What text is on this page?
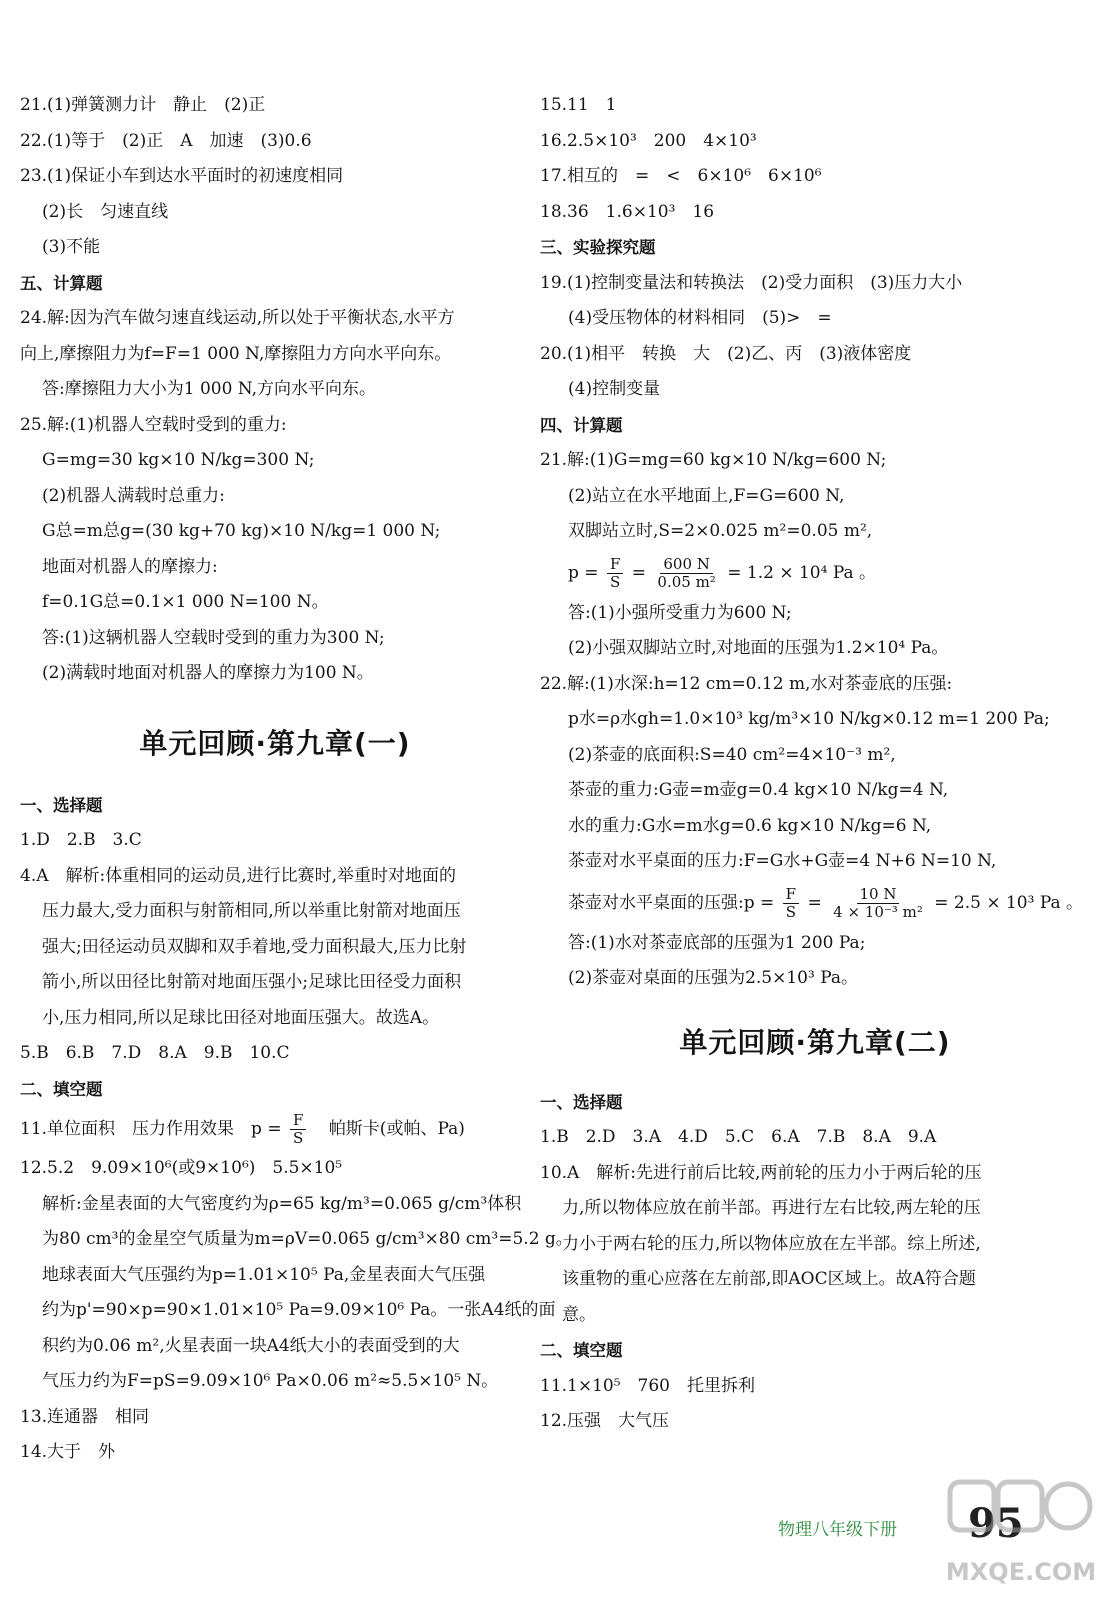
21.(1)弹簧测力计　静止　(2)正
22.(1)等于　(2)正　A　加速　(3)0.6
23.(1)保证小车到达水平面时的初速度相同
(2)长　匀速直线
(3)不能
五、计算题
24.解:因为汽车做匀速直线运动,所以处于平衡状态,水平方
向上,摩擦阻力为f=F=1 000 N,摩擦阻力方向水平向东。
答:摩擦阻力大小为1 000 N,方向水平向东。
25.解:(1)机器人空载时受到的重力:
G=mg=30 kg×10 N/kg=300 N;
(2)机器人满载时总重力:
G总=m总g=(30 kg+70 kg)×10 N/kg=1 000 N;
地面对机器人的摩擦力:
f=0.1G总=0.1×1 000 N=100 N。
答:(1)这辆机器人空载时受到的重力为300 N;
(2)满载时地面对机器人的摩擦力为100 N。
单元回顾·第九章(一)
一、选择题
1.D　2.B　3.C
4.A　解析:体重相同的运动员,进行比赛时,举重时对地面的
压力最大,受力面积与射箭相同,所以举重比射箭对地面压
强大;田径运动员双脚和双手着地,受力面积最大,压力比射
箭小,所以田径比射箭对地面压强小;足球比田径受力面积
小,压力相同,所以足球比田径对地面压强大。故选A。
5.B　6.B　7.D　8.A　9.B　10.C
二、填空题
11.单位面积　压力作用效果　$p = \frac{F}{S}$ 帕斯卡(或帕、Pa)
12.5.2　9.09×10⁶(或9×10⁶)　5.5×10⁵
解析:金星表面的大气密度约为ρ=65 kg/m³=0.065 g/cm³体积
为80 cm³的金星空气质量为m=ρV=0.065 g/cm³×80 cm³=5.2 g。
地球表面大气压强约为p=1.01×10⁵ Pa,金星表面大气压强
约为p'=90×p=90×1.01×10⁵ Pa=9.09×10⁶ Pa。一张A4纸的面
积约为0.06 m²,火星表面一块A4纸大小的表面受到的大
气压力约为F=pS=9.09×10⁶ Pa×0.06 m²≈5.5×10⁵ N。
13.连通器　相同
14.大于　外
15.11　1
16.2.5×10³　200　4×10³
17.相互的　=　<　6×10⁶　6×10⁶
18.36　1.6×10³　16
三、实验探究题
19.(1)控制变量法和转换法　(2)受力面积　(3)压力大小
(4)受压物体的材料相同　(5)>　=
20.(1)相平　转换　大　(2)乙、丙　(3)液体密度
(4)控制变量
四、计算题
21.解:(1)G=mg=60 kg×10 N/kg=600 N;
(2)站立在水平地面上,F=G=600 N,
双脚站立时,S=2×0.025 m²=0.05 m²,
$p = \frac{F}{S} = \frac{600 N}{\text{0.05 m²}} = 1.2 \times 10^4$ Pa 。
答:(1)小强所受重力为600 N;
(2)小强双脚站立时,对地面的压强为1.2×10⁴ Pa。
22.解:(1)水深:h=12 cm=0.12 m,水对茶壶底的压强:
p水=ρ水gh=1.0×10³ kg/m³×10 N/kg×0.12 m=1 200 Pa;
(2)茶壶的底面积:S=40 cm²=4×10⁻³ m²,
茶壶的重力:G壶=m壶g=0.4 kg×10 N/kg=4 N,
水的重力:G水=m水g=0.6 kg×10 N/kg=6 N,
茶壶对水平桌面的压力:F=G水+G壶=4 N+6 N=10 N,
茶壶对水平桌面的压强:p = $\frac{F}{S} = \frac{10 N}{\text{4 × 10⁻³ m²}} = 2.5 \times 10^3$ Pa 。
答:(1)水对茶壶底部的压强为1 200 Pa;
(2)茶壶对桌面的压强为2.5×10³ Pa。
单元回顾·第九章(二)
一、选择题
1.B　2.D　3.A　4.D　5.C　6.A　7.B　8.A　9.A
10.A　解析:先进行前后比较,两前轮的压力小于两后轮的压
力,所以物体应放在前半部。再进行左右比较,两左轮的压
力小于两右轮的压力,所以物体应放在左半部。综上所述,
该重物的重心应落在左前部,即AOC区域上。故A符合题
意。
二、填空题
11.1×10⁵　760　托里拆利
12.压强　大气压
物理八年级下册 95
MXQE.COM
